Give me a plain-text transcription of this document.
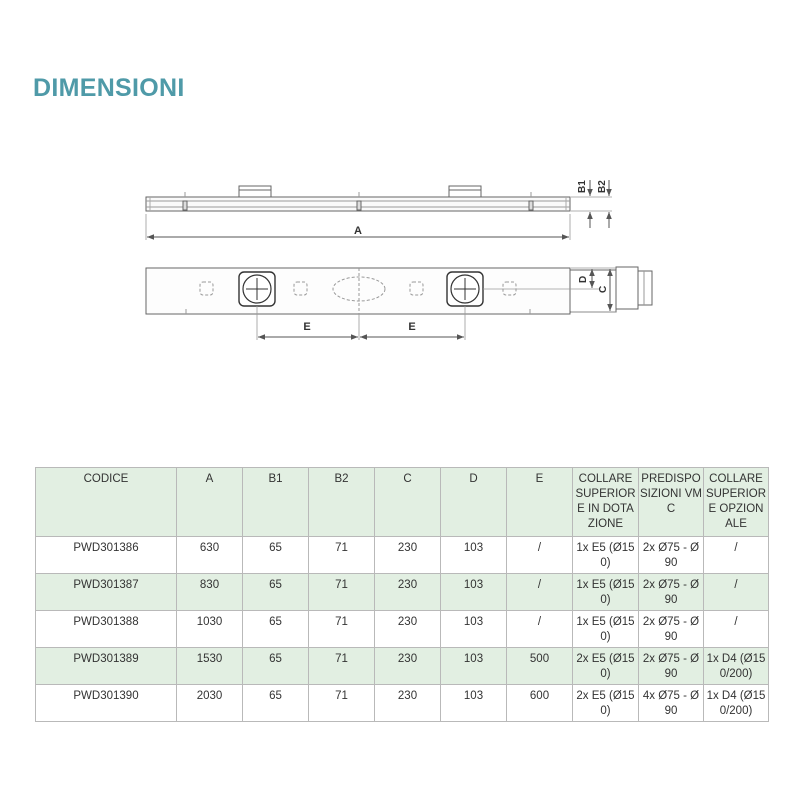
DIMENSIONI
A
B1 B2
D
C
E	E
CODICE	A	B1	B2	C	D	E	COLLARE SUPERIORE IN DOTAZIONE	PREDISPOSIZIONI VMC	COLLARE SUPERIORE OPZIONALE
PWD301386	630	65	71	230	103	/	1x E5 (Ø150)	2x Ø75 - Ø90	/
PWD301387	830	65	71	230	103	/	1x E5 (Ø150)	2x Ø75 - Ø90	/
PWD301388	1030	65	71	230	103	/	1x E5 (Ø150)	2x Ø75 - Ø90	/
PWD301389	1530	65	71	230	103	500	2x E5 (Ø150)	2x Ø75 - Ø90	1x D4 (Ø150/200)
PWD301390	2030	65	71	230	103	600	2x E5 (Ø150)	4x Ø75 - Ø90	1x D4 (Ø150/200)
